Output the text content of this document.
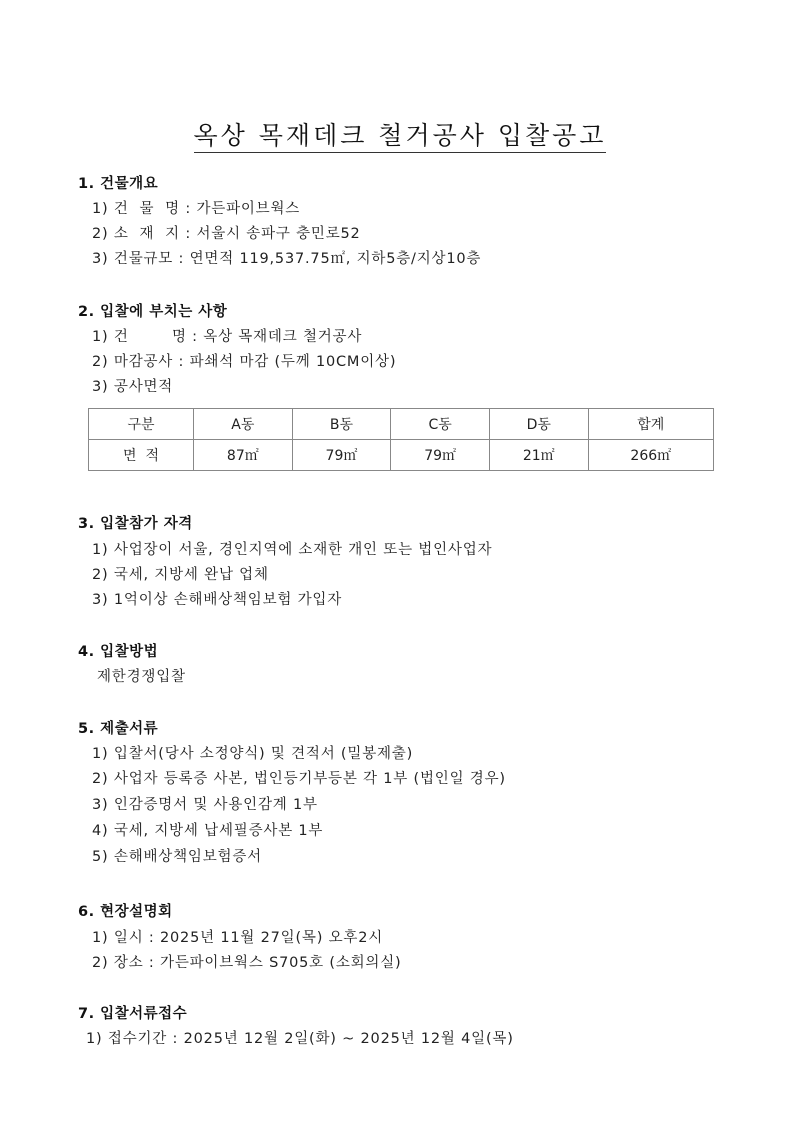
옥상 목재데크 철거공사 입찰공고
1. 건물개요
1) 건  물  명 : 가든파이브웍스
2) 소  재  지 : 서울시 송파구 충민로52
3) 건물규모 : 연면적 119,537.75㎡, 지하5층/지상10층
2. 입찰에 부치는 사항
1) 건        명 : 옥상 목재데크 철거공사
2) 마감공사 : 파쇄석 마감 (두께 10CM이상)
3) 공사면적
구분	A동	B동	C동	D동	합계
면  적	87㎡	79㎡	79㎡	21㎡	266㎡
3. 입찰참가 자격
1) 사업장이 서울, 경인지역에 소재한 개인 또는 법인사업자
2) 국세, 지방세 완납 업체
3) 1억이상 손해배상책임보험 가입자
4. 입찰방법
제한경쟁입찰
5. 제출서류
1) 입찰서(당사 소정양식) 및 견적서 (밀봉제출)
2) 사업자 등록증 사본, 법인등기부등본 각 1부 (법인일 경우)
3) 인감증명서 및 사용인감계 1부
4) 국세, 지방세 납세필증사본 1부
5) 손해배상책임보험증서
6. 현장설명회
1) 일시 : 2025년 11월 27일(목) 오후2시
2) 장소 : 가든파이브웍스 S705호 (소회의실)
7. 입찰서류접수
1) 접수기간 : 2025년 12월 2일(화) ~ 2025년 12월 4일(목)
